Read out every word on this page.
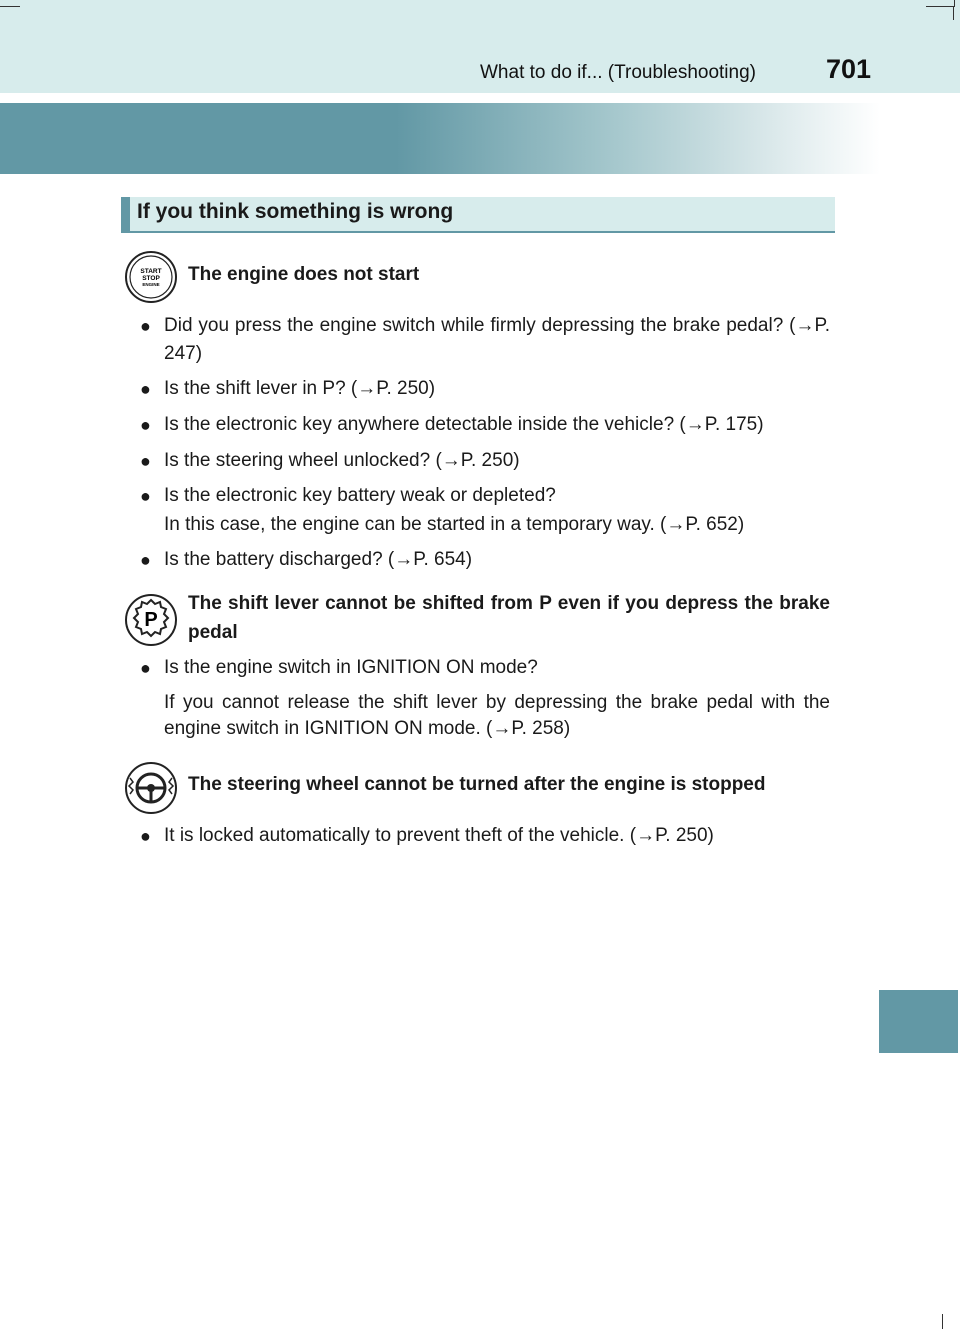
What to do if... (Troubleshooting)	701
If you think something is wrong
START
STOP
ENGINE The engine does not start
● Did you press the engine switch while firmly depressing the brake pedal? (→P. 247)
● Is the shift lever in P? (→P. 250)
● Is the electronic key anywhere detectable inside the vehicle? (→P. 175)
● Is the steering wheel unlocked? (→P. 250)
● Is the electronic key battery weak or depleted?
In this case, the engine can be started in a temporary way. (→P. 652)
● Is the battery discharged? (→P. 654)
P
The shift lever cannot be shifted from P even if you depress the brake pedal
● Is the engine switch in IGNITION ON mode?
If you cannot release the shift lever by depressing the brake pedal with the engine switch in IGNITION ON mode. (→P. 258)
The steering wheel cannot be turned after the engine is stopped
● It is locked automatically to prevent theft of the vehicle. (→P. 250)
